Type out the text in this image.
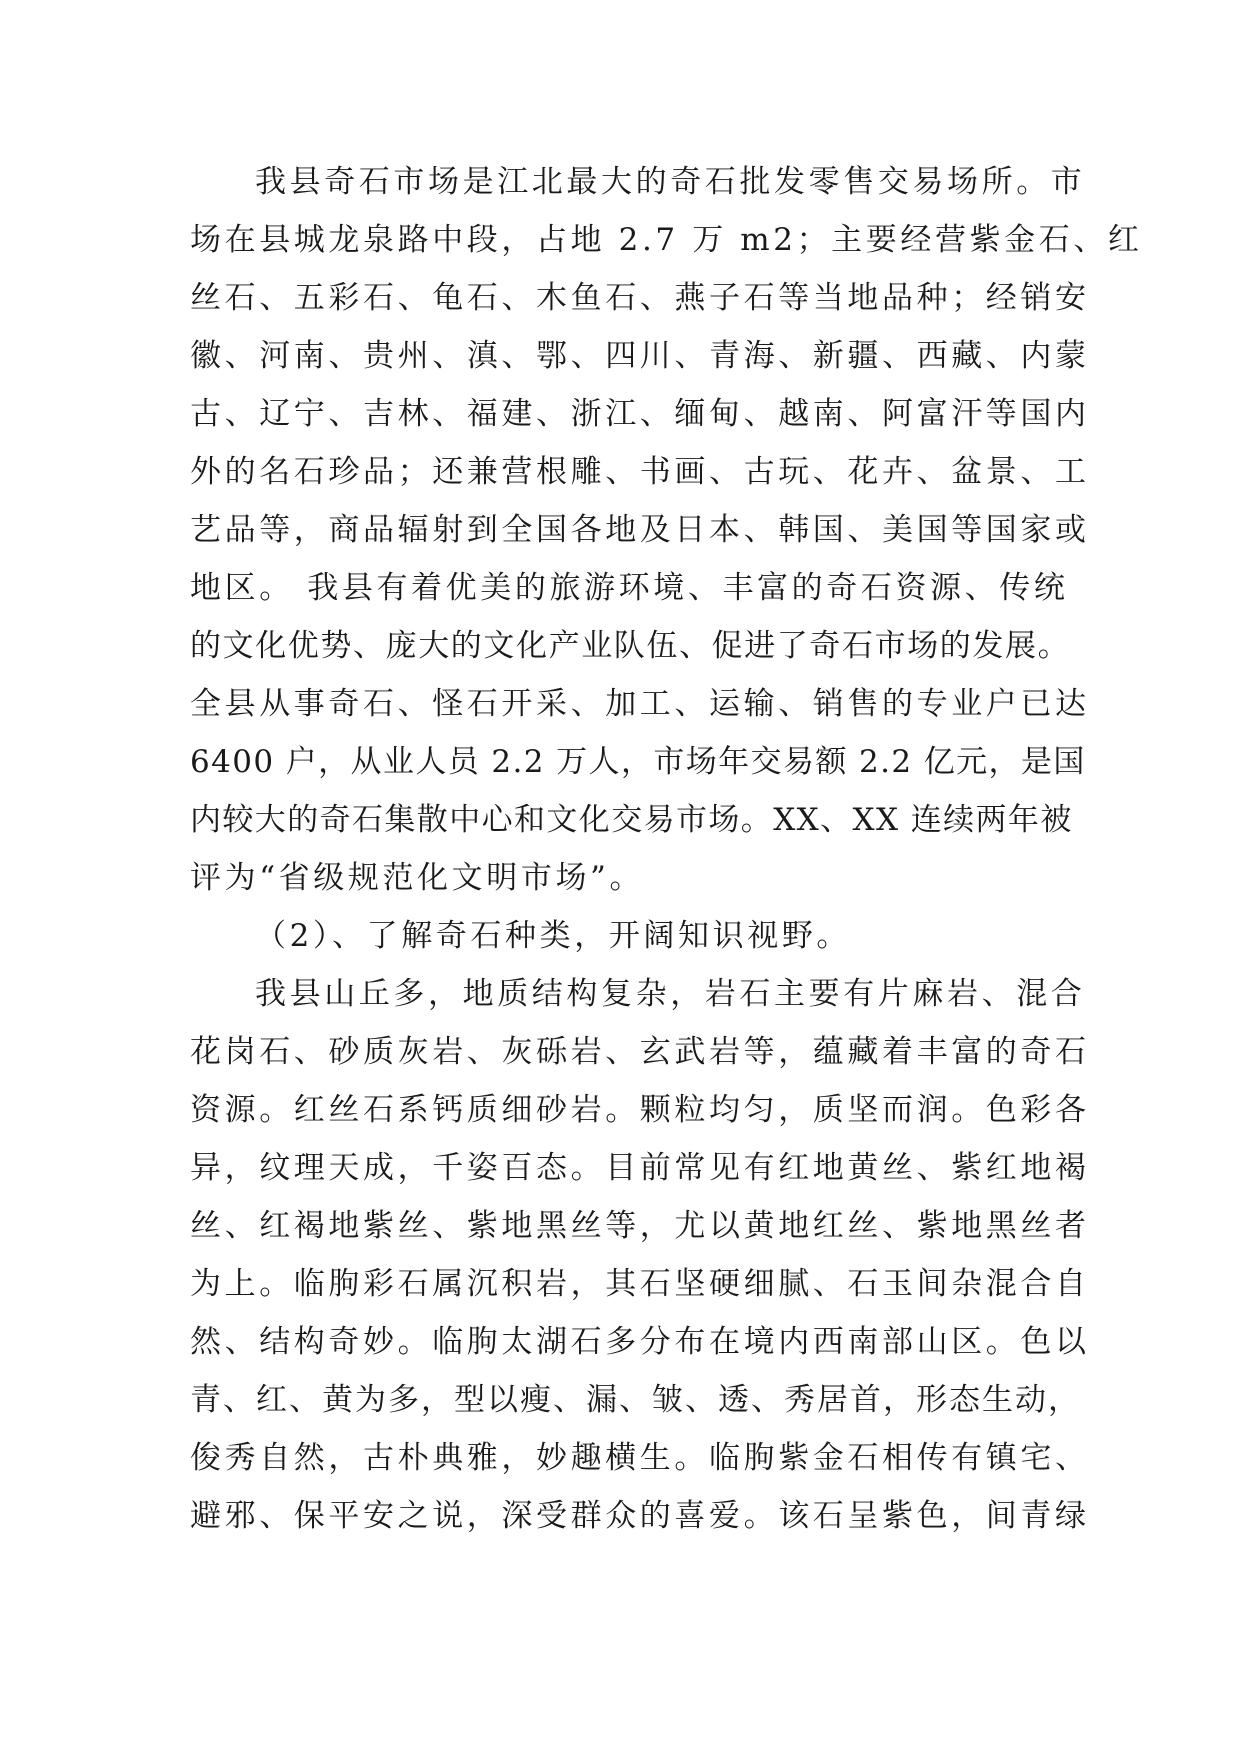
我县奇石市场是江北最大的奇石批发零售交易场所。市
场在县城龙泉路中段，占地 2.7 万 m2；主要经营紫金石、红
丝石、五彩石、龟石、木鱼石、燕子石等当地品种；经销安
徽、河南、贵州、滇、鄂、四川、青海、新疆、西藏、内蒙
古、辽宁、吉林、福建、浙江、缅甸、越南、阿富汗等国内
外的名石珍品；还兼营根雕、书画、古玩、花卉、盆景、工
艺品等，商品辐射到全国各地及日本、韩国、美国等国家或
地区。 我县有着优美的旅游环境、丰富的奇石资源、传统
的文化优势、庞大的文化产业队伍、促进了奇石市场的发展。
全县从事奇石、怪石开采、加工、运输、销售的专业户已达
6400 户，从业人员 2.2 万人，市场年交易额 2.2 亿元，是国
内较大的奇石集散中心和文化交易市场。XX、XX 连续两年被
评为“省级规范化文明市场”。
（2）、了解奇石种类，开阔知识视野。
我县山丘多，地质结构复杂，岩石主要有片麻岩、混合
花岗石、砂质灰岩、灰砾岩、玄武岩等，蕴藏着丰富的奇石
资源。红丝石系钙质细砂岩。颗粒均匀，质坚而润。色彩各
异，纹理天成，千姿百态。目前常见有红地黄丝、紫红地褐
丝、红褐地紫丝、紫地黑丝等，尤以黄地红丝、紫地黑丝者
为上。临朐彩石属沉积岩，其石坚硬细腻、石玉间杂混合自
然、结构奇妙。临朐太湖石多分布在境内西南部山区。色以
青、红、黄为多，型以瘦、漏、皱、透、秀居首，形态生动，
俊秀自然，古朴典雅，妙趣横生。临朐紫金石相传有镇宅、
避邪、保平安之说，深受群众的喜爱。该石呈紫色，间青绿
